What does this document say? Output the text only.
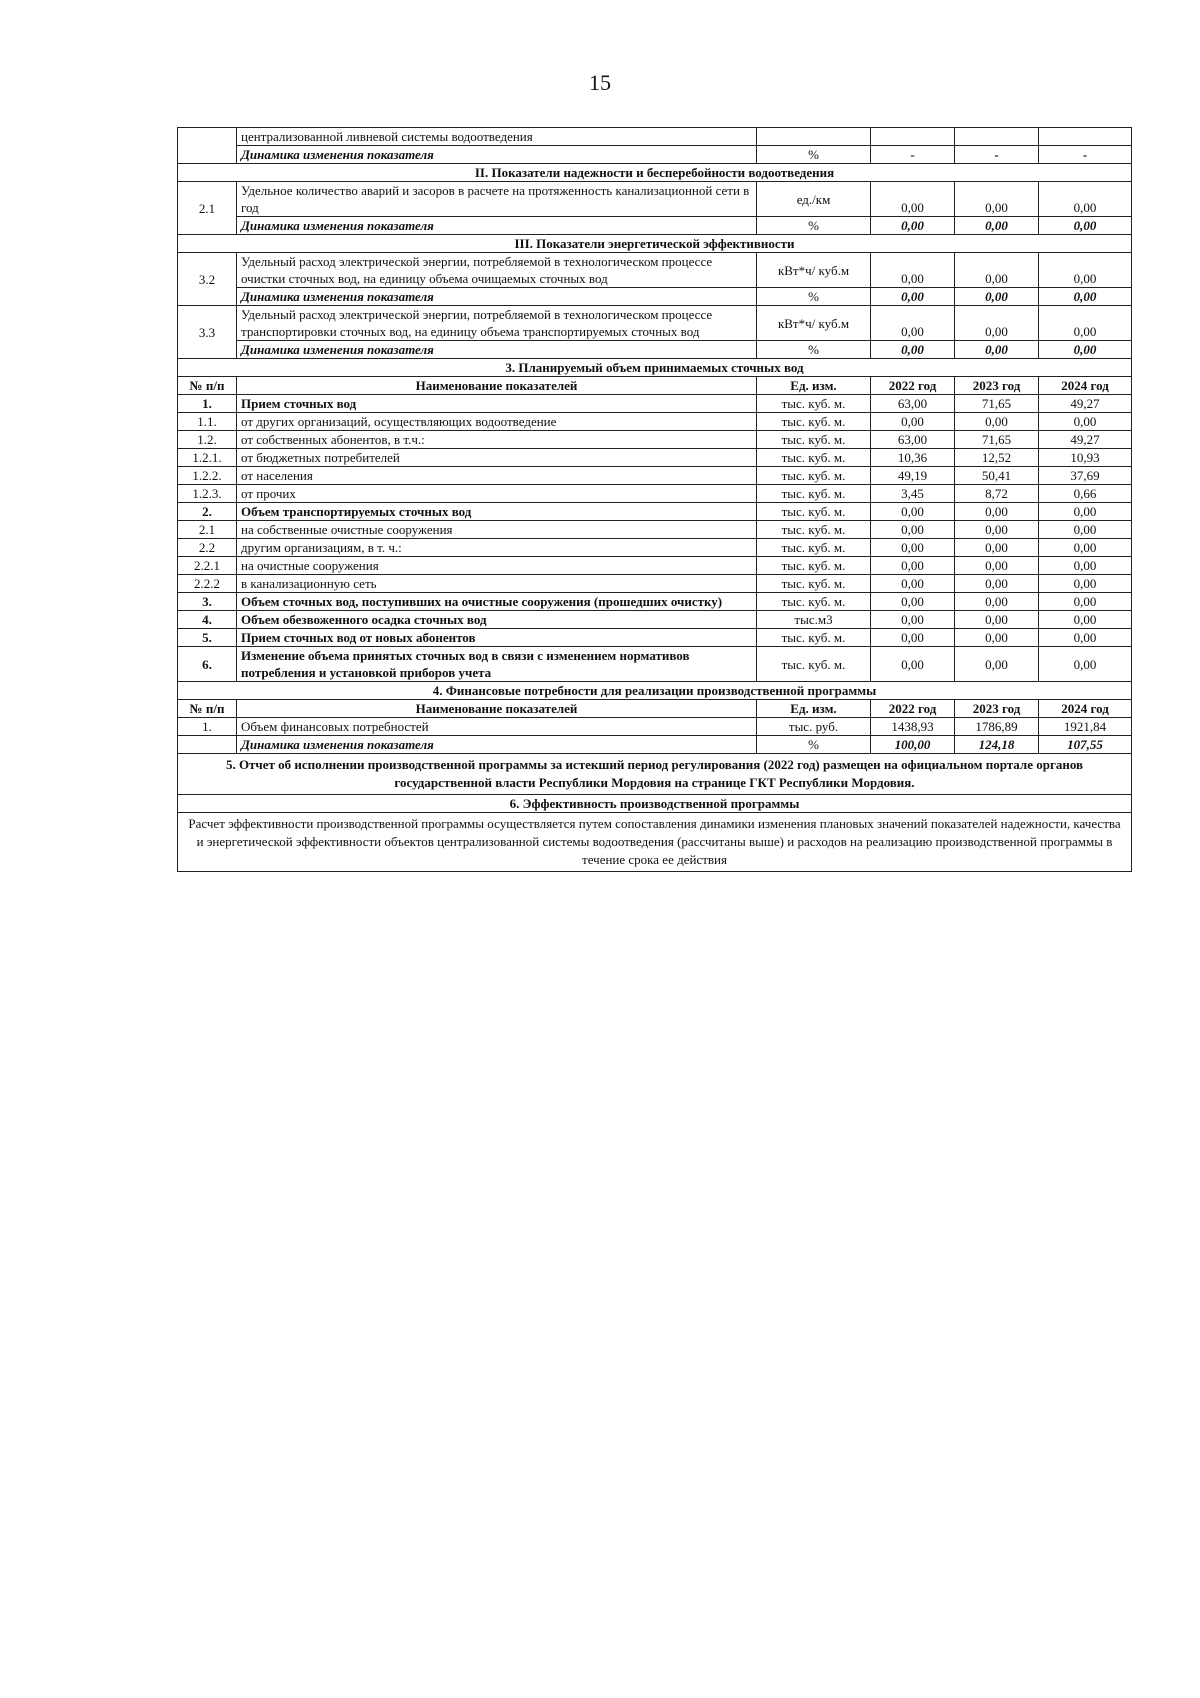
15
	централизованной ливневой системы водоотведения				
	Динамика изменения показателя	%	-	-	-
II. Показатели надежности и бесперебойности водоотведения					
2.1	Удельное количество аварий и засоров в расчете на протяженность канализационной сети в год	ед./км	0,00	0,00	0,00
	Динамика изменения показателя	%	0,00	0,00	0,00
III. Показатели энергетической эффективности					
3.2	Удельный расход электрической энергии, потребляемой в технологическом процессе очистки сточных вод, на единицу объема очищаемых сточных вод	кВт*ч/ куб.м	0,00	0,00	0,00
	Динамика изменения показателя	%	0,00	0,00	0,00
3.3	Удельный расход электрической энергии, потребляемой в технологическом процессе транспортировки сточных вод, на единицу объема транспортируемых сточных вод	кВт*ч/ куб.м	0,00	0,00	0,00
	Динамика изменения показателя	%	0,00	0,00	0,00
3. Планируемый объем принимаемых сточных вод					
№ п/п	Наименование показателей	Ед. изм.	2022 год	2023 год	2024 год
1.	Прием сточных вод	тыс. куб. м.	63,00	71,65	49,27
1.1.	от других организаций, осуществляющих водоотведение	тыс. куб. м.	0,00	0,00	0,00
1.2.	от собственных абонентов, в т.ч.:	тыс. куб. м.	63,00	71,65	49,27
1.2.1.	от бюджетных потребителей	тыс. куб. м.	10,36	12,52	10,93
1.2.2.	от населения	тыс. куб. м.	49,19	50,41	37,69
1.2.3.	от прочих	тыс. куб. м.	3,45	8,72	0,66
2.	Объем транспортируемых сточных вод	тыс. куб. м.	0,00	0,00	0,00
2.1	на собственные очистные сооружения	тыс. куб. м.	0,00	0,00	0,00
2.2	другим организациям, в т. ч.:	тыс. куб. м.	0,00	0,00	0,00
2.2.1	на очистные сооружения	тыс. куб. м.	0,00	0,00	0,00
2.2.2	в канализационную сеть	тыс. куб. м.	0,00	0,00	0,00
3.	Объем сточных вод, поступивших на очистные сооружения (прошедших очистку)	тыс. куб. м.	0,00	0,00	0,00
4.	Объем обезвоженного осадка сточных вод	тыс.м3	0,00	0,00	0,00
5.	Прием сточных вод от новых абонентов	тыс. куб. м.	0,00	0,00	0,00
6.	Изменение объема принятых сточных вод в связи с изменением нормативов потребления и установкой приборов учета	тыс. куб. м.	0,00	0,00	0,00
4. Финансовые потребности для реализации производственной программы					
№ п/п	Наименование показателей	Ед. изм.	2022 год	2023 год	2024 год
1.	Объем финансовых потребностей	тыс. руб.	1438,93	1786,89	1921,84
	Динамика изменения показателя	%	100,00	124,18	107,55
5. Отчет об исполнении производственной программы за истекший период регулирования (2022 год) размещен на официальном портале органов государственной власти Республики Мордовия на странице ГКТ Республики Мордовия.					
6. Эффективность производственной программы					
Расчет эффективности производственной программы осуществляется путем сопоставления динамики изменения плановых значений показателей надежности, качества и энергетической эффективности объектов централизованной системы водоотведения (рассчитаны выше) и расходов на реализацию производственной программы в течение срока ее действия					
